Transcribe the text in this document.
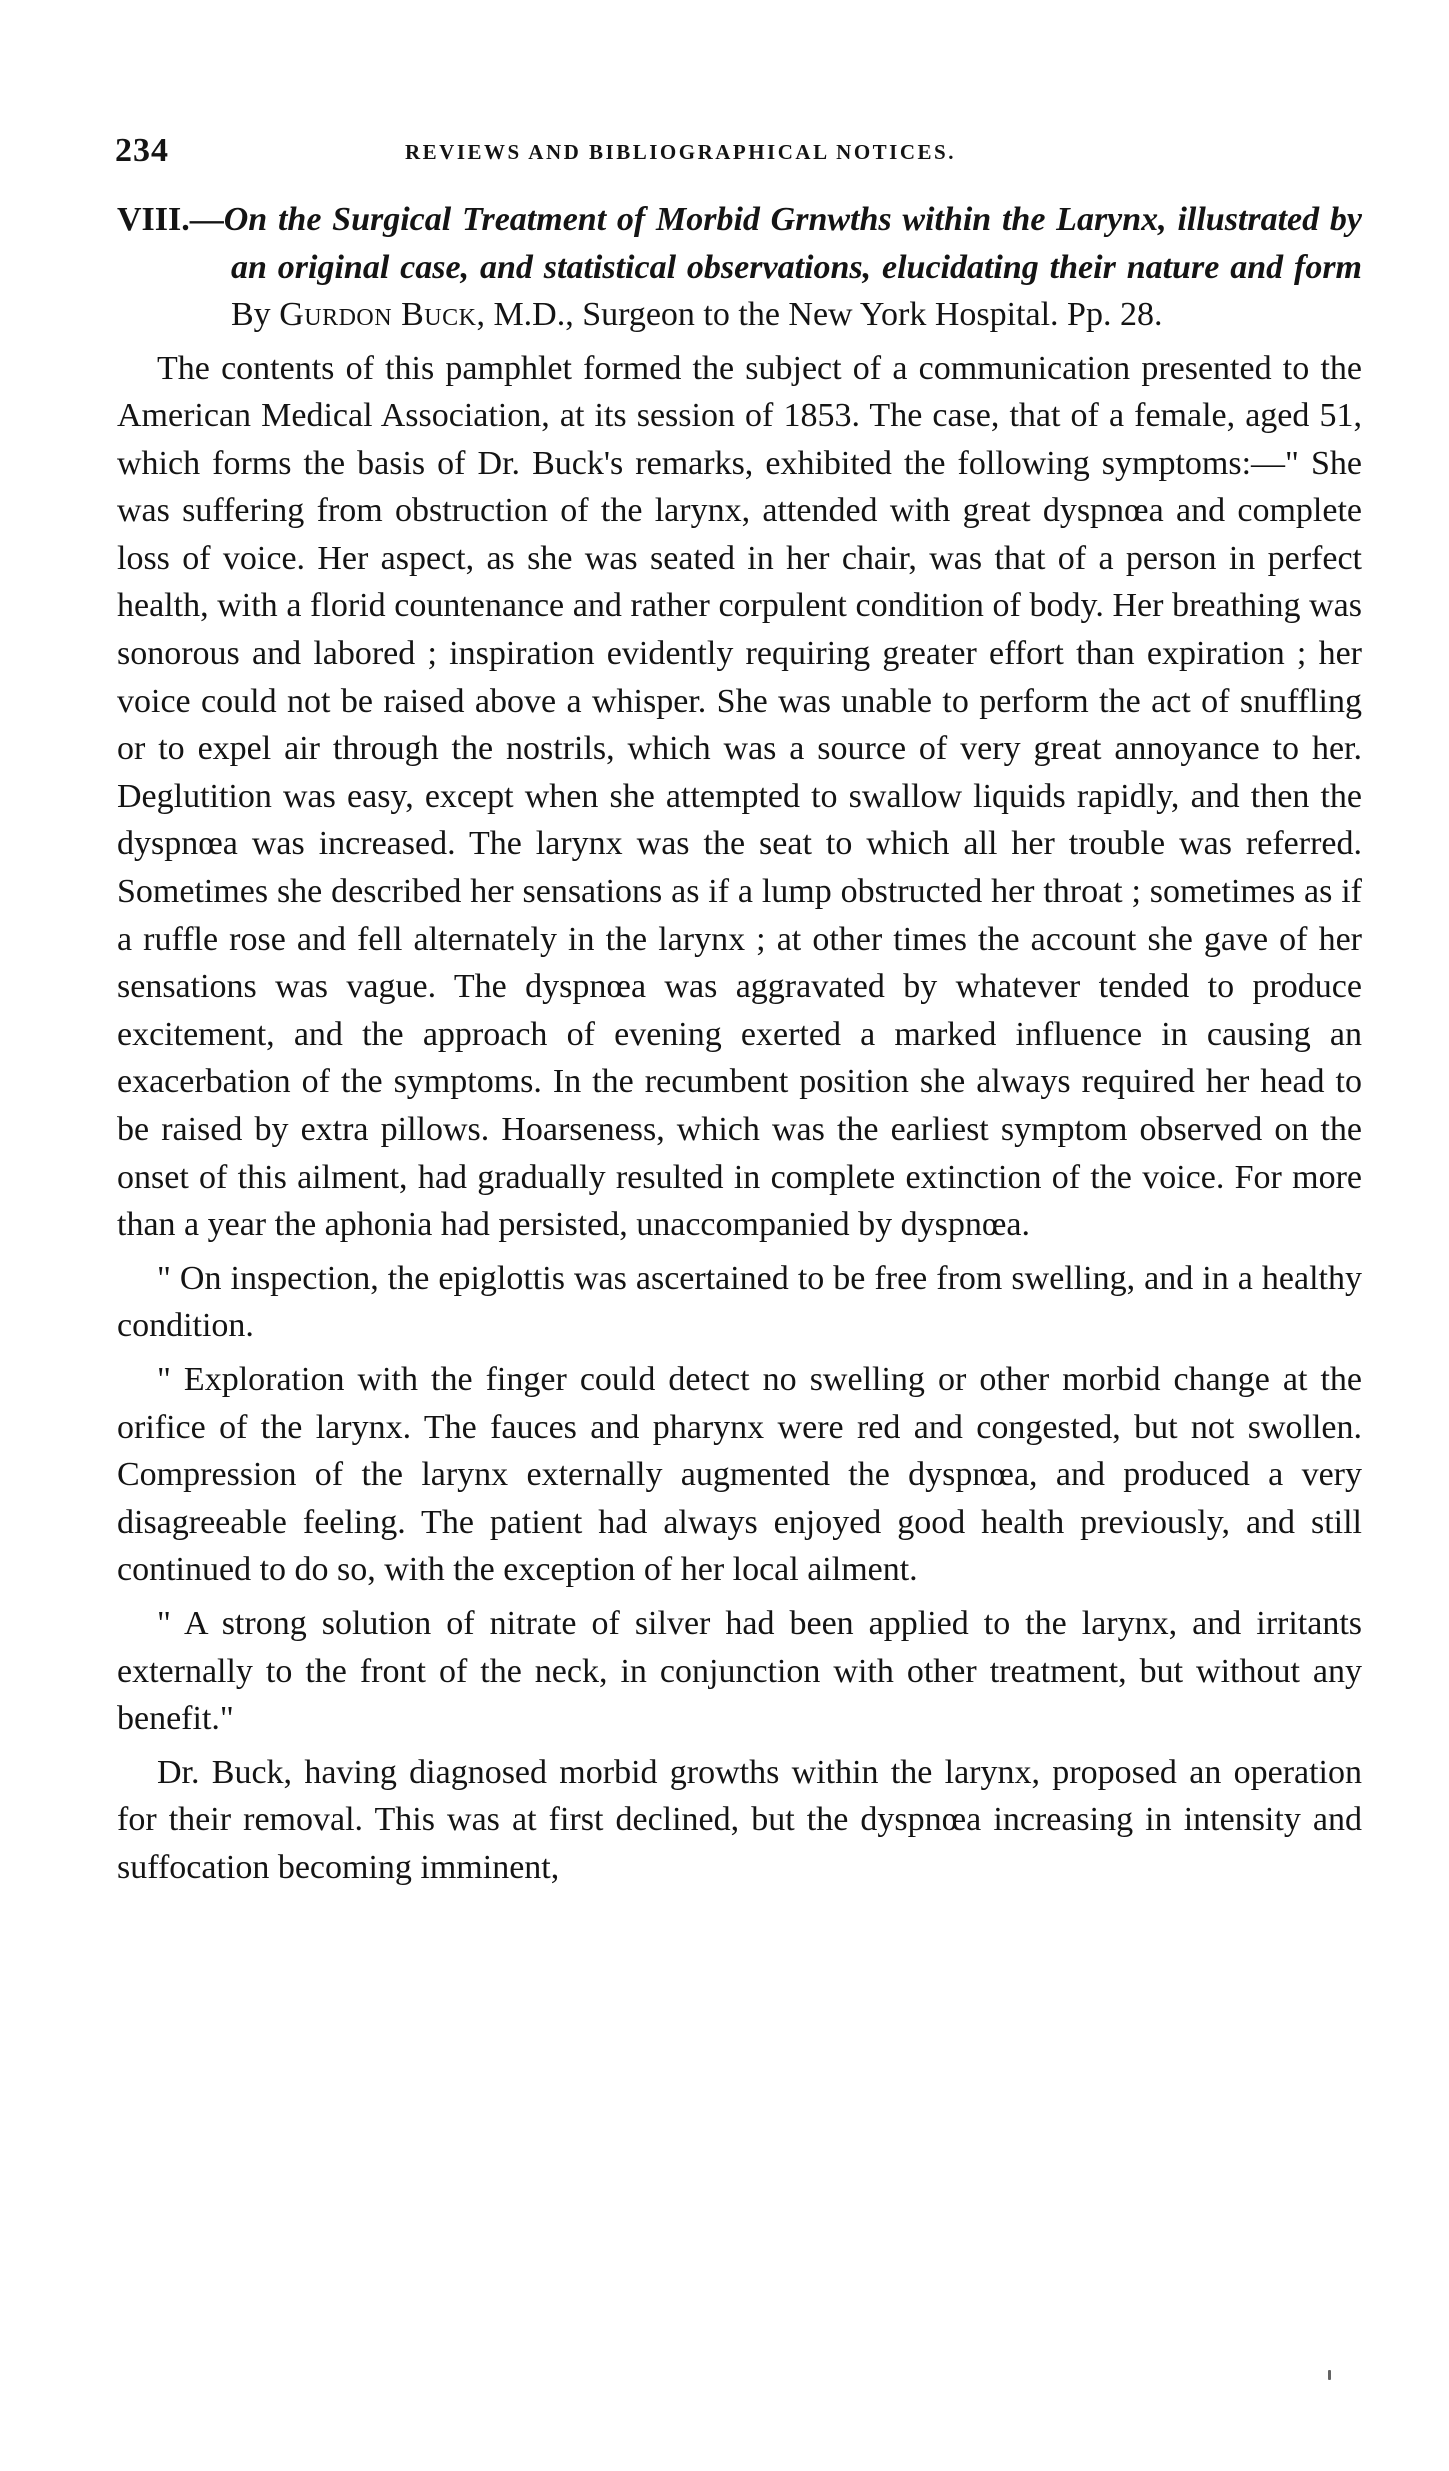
234	REVIEWS AND BIBLIOGRAPHICAL NOTICES.

VIII.—On the Surgical Treatment of Morbid Grnwths within the Larynx, illustrated by an original case, and statistical observations, elucidating their nature and form By Gurdon Buck, M.D., Surgeon to the New York Hospital. Pp. 28.

The contents of this pamphlet formed the subject of a communication presented to the American Medical Association, at its session of 1853. The case, that of a female, aged 51, which forms the basis of Dr. Buck's remarks, exhibited the following symptoms:—" She was suffering from obstruction of the larynx, attended with great dyspnœa and complete loss of voice. Her aspect, as she was seated in her chair, was that of a person in perfect health, with a florid countenance and rather corpulent condition of body. Her breathing was sonorous and labored ; inspiration evidently requiring greater effort than expiration ; her voice could not be raised above a whisper. She was unable to perform the act of snuffling or to expel air through the nostrils, which was a source of very great annoyance to her. Deglutition was easy, except when she attempted to swallow liquids rapidly, and then the dyspnœa was increased. The larynx was the seat to which all her trouble was referred. Sometimes she described her sensations as if a lump obstructed her throat ; sometimes as if a ruffle rose and fell alternately in the larynx ; at other times the account she gave of her sensations was vague. The dyspnœa was aggravated by whatever tended to produce excitement, and the approach of evening exerted a marked influence in causing an exacerbation of the symptoms. In the recumbent position she always required her head to be raised by extra pillows. Hoarseness, which was the earliest symptom observed on the onset of this ailment, had gradually resulted in complete extinction of the voice. For more than a year the aphonia had persisted, unaccompanied by dyspnœa.

" On inspection, the epiglottis was ascertained to be free from swelling, and in a healthy condition.

" Exploration with the finger could detect no swelling or other morbid change at the orifice of the larynx. The fauces and pharynx were red and congested, but not swollen. Compression of the larynx externally augmented the dyspnœa, and produced a very disagreeable feeling. The patient had always enjoyed good health previously, and still continued to do so, with the exception of her local ailment.

" A strong solution of nitrate of silver had been applied to the larynx, and irritants externally to the front of the neck, in conjunction with other treatment, but without any benefit."

Dr. Buck, having diagnosed morbid growths within the larynx, proposed an operation for their removal. This was at first declined, but the dyspnœa increasing in intensity and suffocation becoming imminent,
